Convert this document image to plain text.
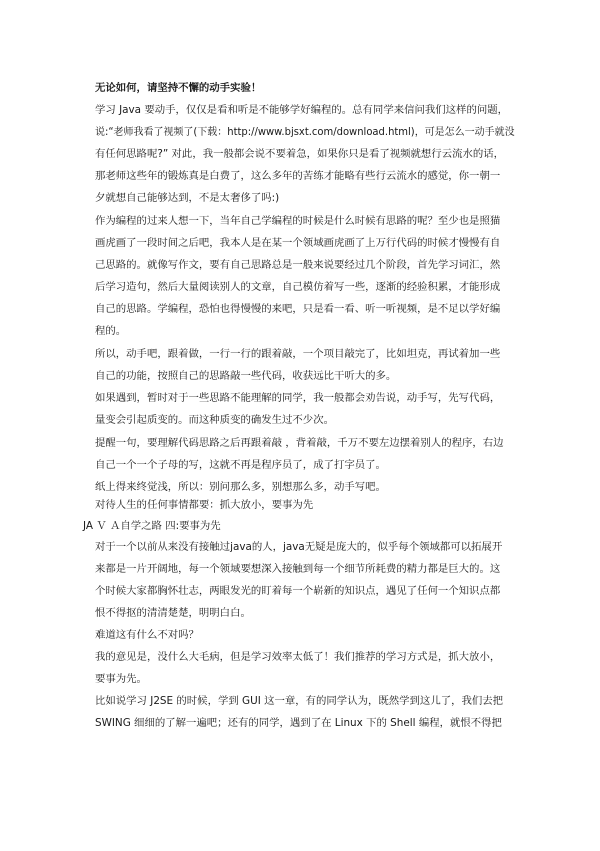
无论如何，请坚持不懈的动手实验！
学习 Java 要动手，仅仅是看和听是不能够学好编程的。总有同学来信问我们这样的问题，
说:“老师我看了视频了(下载：http://www.bjsxt.com/download.html)，可是怎么一动手就没
有任何思路呢?” 对此，我一般都会说不要着急，如果你只是看了视频就想行云流水的话，
那老师这些年的锻炼真是白费了，这么多年的苦练才能略有些行云流水的感觉，你一朝一
夕就想自己能够达到，不是太奢侈了吗:)
作为编程的过来人想一下，当年自己学编程的时候是什么时候有思路的呢？至少也是照猫
画虎画了一段时间之后吧，我本人是在某一个领域画虎画了上万行代码的时候才慢慢有自
己思路的。就像写作文，要有自己思路总是一般来说要经过几个阶段，首先学习词汇，然
后学习造句，然后大量阅读别人的文章，自己模仿着写一些，逐渐的经验积累，才能形成
自己的思路。学编程，恐怕也得慢慢的来吧，只是看一看、听一听视频，是不足以学好编
程的。
所以，动手吧，跟着做，一行一行的跟着敲，一个项目敲完了，比如坦克，再试着加一些
自己的功能，按照自己的思路敲一些代码，收获远比干听大的多。
如果遇到，暂时对于一些思路不能理解的同学，我一般都会劝告说，动手写，先写代码，
量变会引起质变的。而这种质变的确发生过不少次。
提醒一句，要理解代码思路之后再跟着敲 ，背着敲，千万不要左边摆着别人的程序，右边
自己一个一个子母的写，这就不再是程序员了，成了打字员了。
纸上得来终觉浅，所以：别问那么多，别想那么多，动手写吧。
对待人生的任何事情都要：抓大放小，要事为先
JA Ｖ Ａ自学之路 四:要事为先
对于一个以前从来没有接触过java的人，java无疑是庞大的，似乎每个领域都可以拓展开
来都是一片开阔地，每一个领域要想深入接触到每一个细节所耗费的精力都是巨大的。这
个时候大家都胸怀壮志，两眼发光的盯着每一个崭新的知识点，遇见了任何一个知识点都
恨不得抠的清清楚楚，明明白白。
难道这有什么不对吗？
我的意见是，没什么大毛病，但是学习效率太低了！我们推荐的学习方式是，抓大放小，
要事为先。
比如说学习 J2SE 的时候，学到 GUI 这一章，有的同学认为，既然学到这儿了，我们去把
SWING 细细的了解一遍吧；还有的同学，遇到了在 Linux 下的 Shell 编程，就恨不得把
